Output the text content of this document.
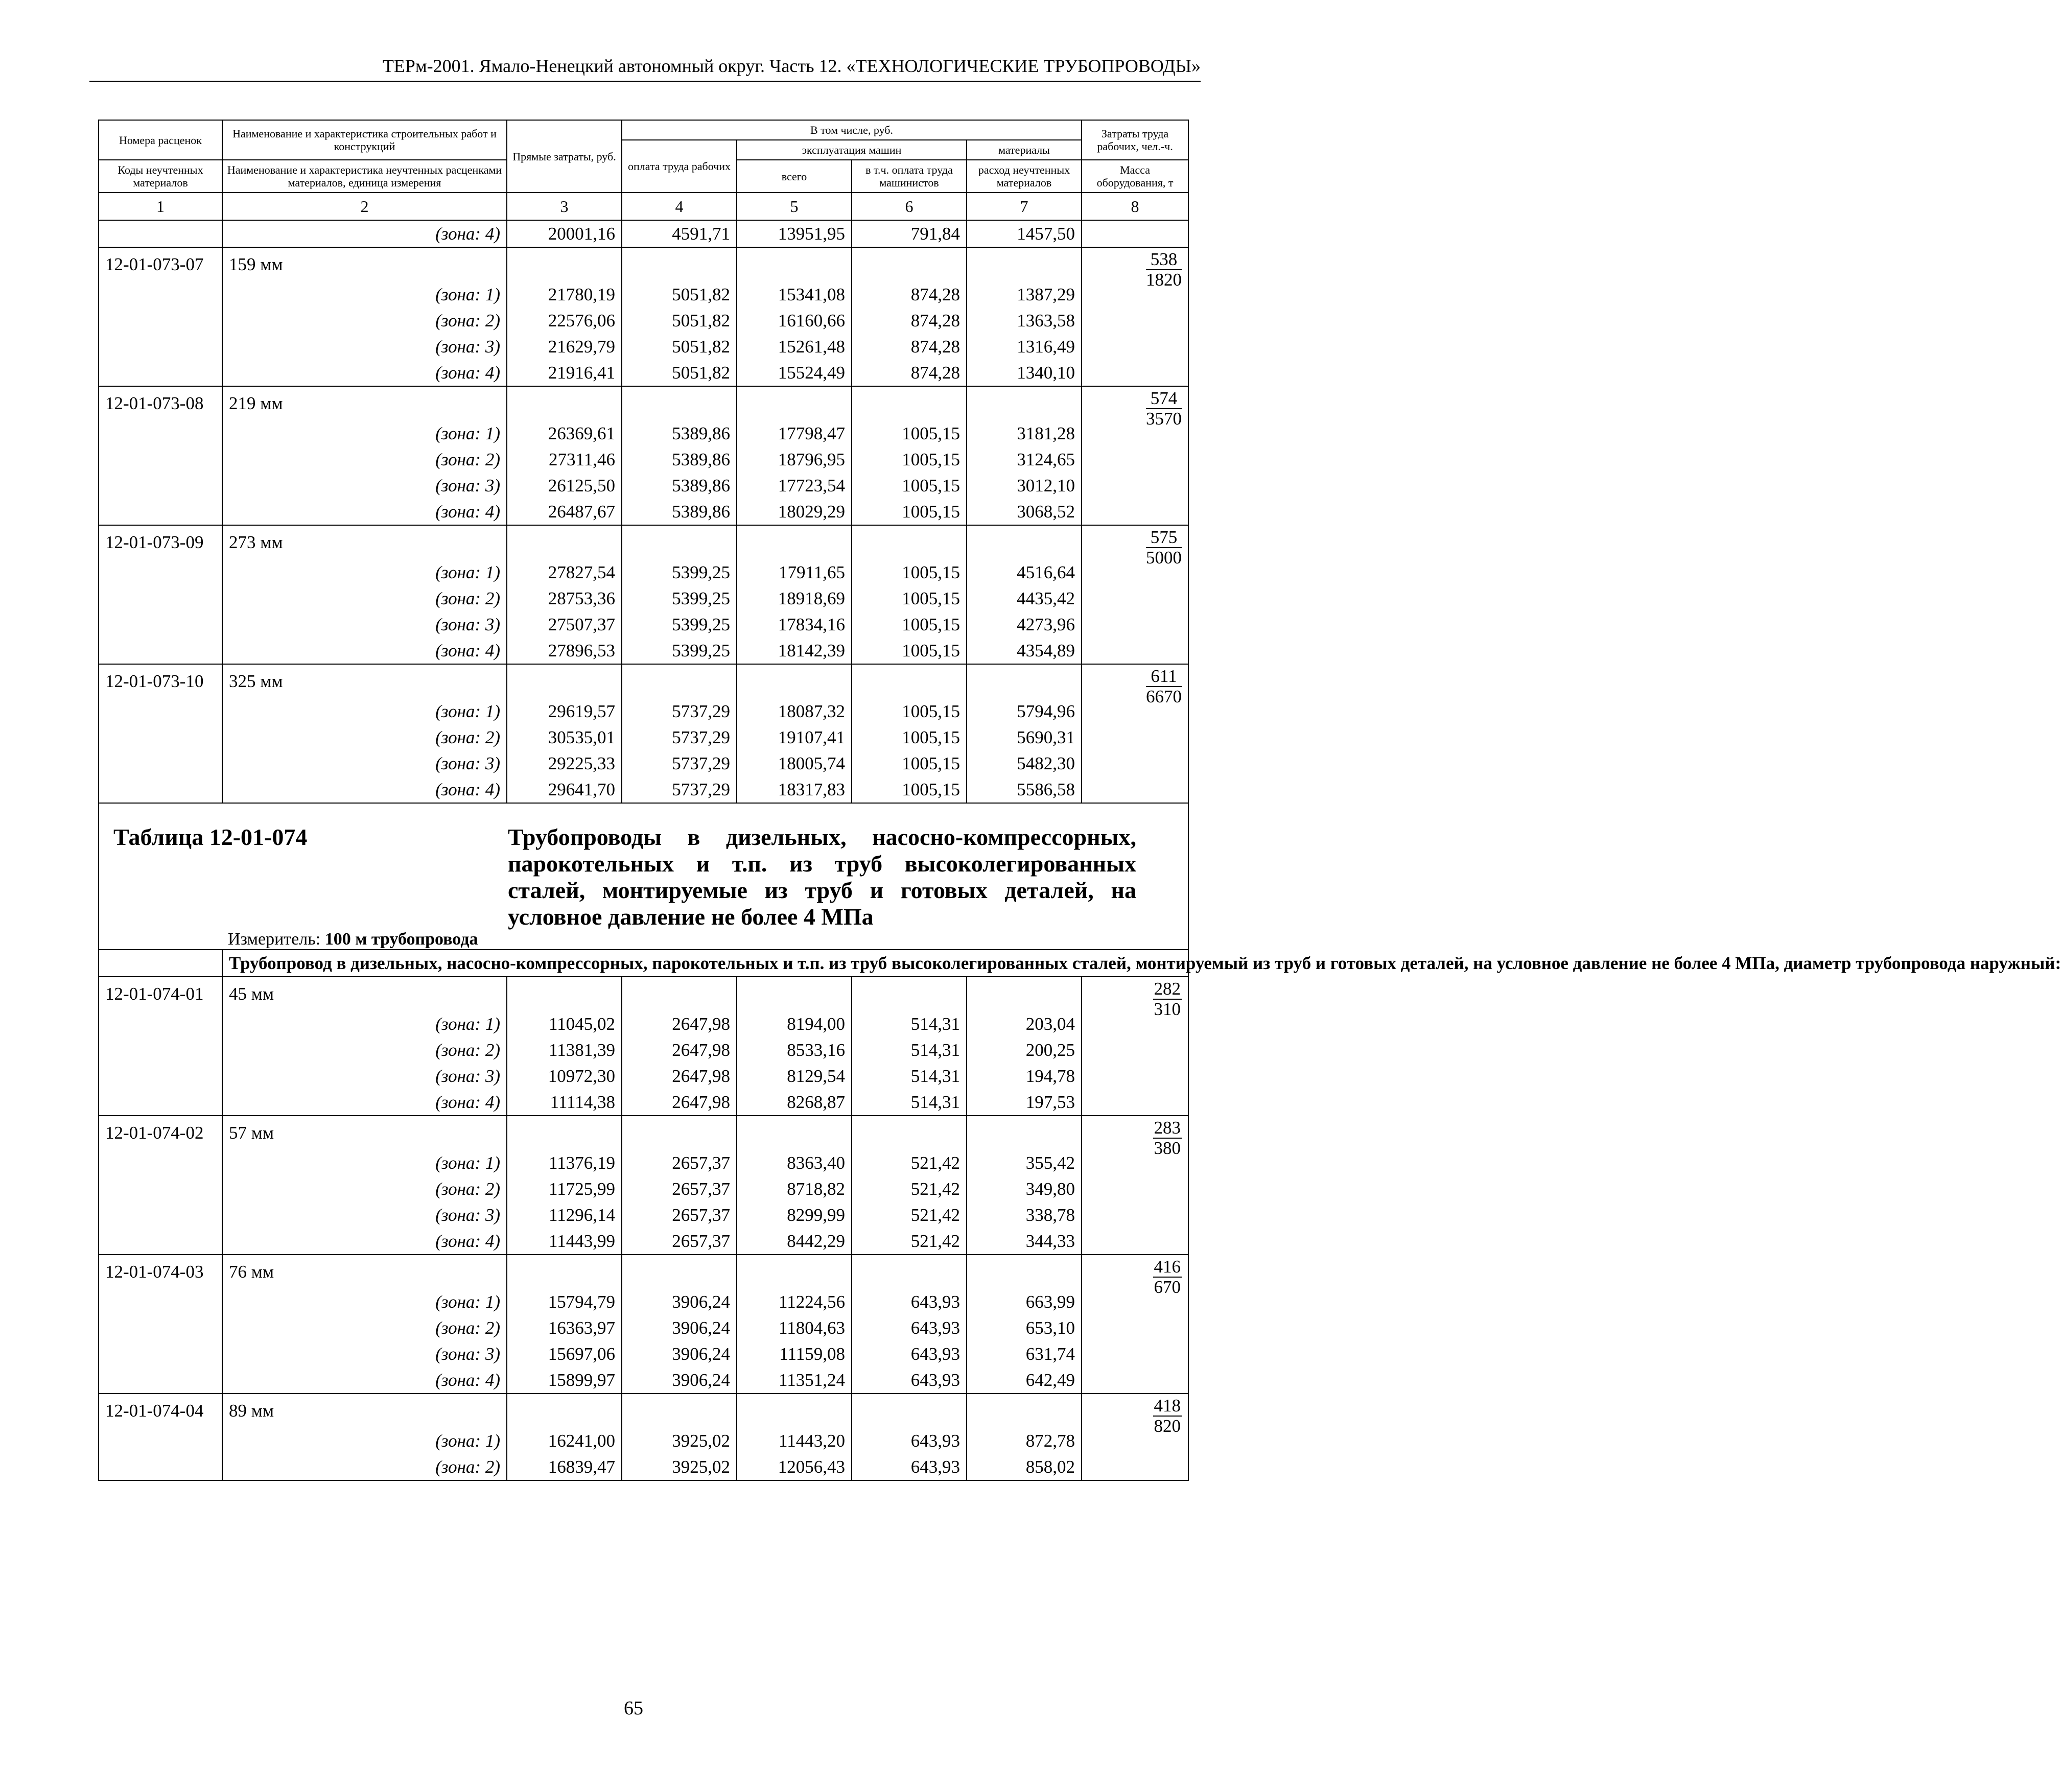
ТЕРм-2001. Ямало-Ненецкий автономный округ. Часть 12. «ТЕХНОЛОГИЧЕСКИЕ ТРУБОПРОВОДЫ»
Номера расценок	Наименование и характеристика строительных работ и конструкций	Прямые затраты, руб.	В том числе, руб.				Затраты труда рабочих, чел.-ч.
			оплата труда рабочих	эксплуатация машин		материалы	
Коды неучтенных материалов	Наименование и характеристика неучтенных расценками материалов, единица измерения			всего	в т.ч. оплата труда машинистов	расход неучтенных материалов	Масса оборудования, т
1	2	3	4	5	6	7	8
	(зона: 4)	20001,16	4591,71	13951,95	791,84	1457,50	
12-01-073-07	159 мм						$\frac{538}{1820}$

	(зона: 1)	21780,19	5051,82	15341,08	874,28	1387,29	
	(зона: 2)	22576,06	5051,82	16160,66	874,28	1363,58	
	(зона: 3)	21629,79	5051,82	15261,48	874,28	1316,49	
	(зона: 4)	21916,41	5051,82	15524,49	874,28	1340,10	
12-01-073-08	219 мм						$\frac{574}{3570}$

	(зона: 1)	26369,61	5389,86	17798,47	1005,15	3181,28	
	(зона: 2)	27311,46	5389,86	18796,95	1005,15	3124,65	
	(зона: 3)	26125,50	5389,86	17723,54	1005,15	3012,10	
	(зона: 4)	26487,67	5389,86	18029,29	1005,15	3068,52	
12-01-073-09	273 мм						$\frac{575}{5000}$

	(зона: 1)	27827,54	5399,25	17911,65	1005,15	4516,64	
	(зона: 2)	28753,36	5399,25	18918,69	1005,15	4435,42	
	(зона: 3)	27507,37	5399,25	17834,16	1005,15	4273,96	
	(зона: 4)	27896,53	5399,25	18142,39	1005,15	4354,89	
12-01-073-10	325 мм						$\frac{611}{6670}$

	(зона: 1)	29619,57	5737,29	18087,32	1005,15	5794,96	
	(зона: 2)	30535,01	5737,29	19107,41	1005,15	5690,31	
	(зона: 3)	29225,33	5737,29	18005,74	1005,15	5482,30	
	(зона: 4)	29641,70	5737,29	18317,83	1005,15	5586,58	

Таблица 12-01-074 Трубопроводы в дизельных, насосно-компрессорных, парокотельных и т.п. из труб высоколегированных сталей, монтируемые из труб и готовых деталей, на условное давление не более 4 МПа
Измеритель: 100 м трубопровода							

	Трубопровод в дизельных, насосно-компрессорных, парокотельных и т.п. из труб высоколегированных сталей, монтируемый из труб и готовых деталей, на условное давление не более 4 МПа, диаметр трубопровода наружный:						
12-01-074-01	45 мм						$\frac{282}{310}$

	(зона: 1)	11045,02	2647,98	8194,00	514,31	203,04	
	(зона: 2)	11381,39	2647,98	8533,16	514,31	200,25	
	(зона: 3)	10972,30	2647,98	8129,54	514,31	194,78	
	(зона: 4)	11114,38	2647,98	8268,87	514,31	197,53	
12-01-074-02	57 мм						$\frac{283}{380}$

	(зона: 1)	11376,19	2657,37	8363,40	521,42	355,42	
	(зона: 2)	11725,99	2657,37	8718,82	521,42	349,80	
	(зона: 3)	11296,14	2657,37	8299,99	521,42	338,78	
	(зона: 4)	11443,99	2657,37	8442,29	521,42	344,33	
12-01-074-03	76 мм						$\frac{416}{670}$

	(зона: 1)	15794,79	3906,24	11224,56	643,93	663,99	
	(зона: 2)	16363,97	3906,24	11804,63	643,93	653,10	
	(зона: 3)	15697,06	3906,24	11159,08	643,93	631,74	
	(зона: 4)	15899,97	3906,24	11351,24	643,93	642,49	
12-01-074-04	89 мм						$\frac{418}{820}$

	(зона: 1)	16241,00	3925,02	11443,20	643,93	872,78	
	(зона: 2)	16839,47	3925,02	12056,43	643,93	858,02	
65
